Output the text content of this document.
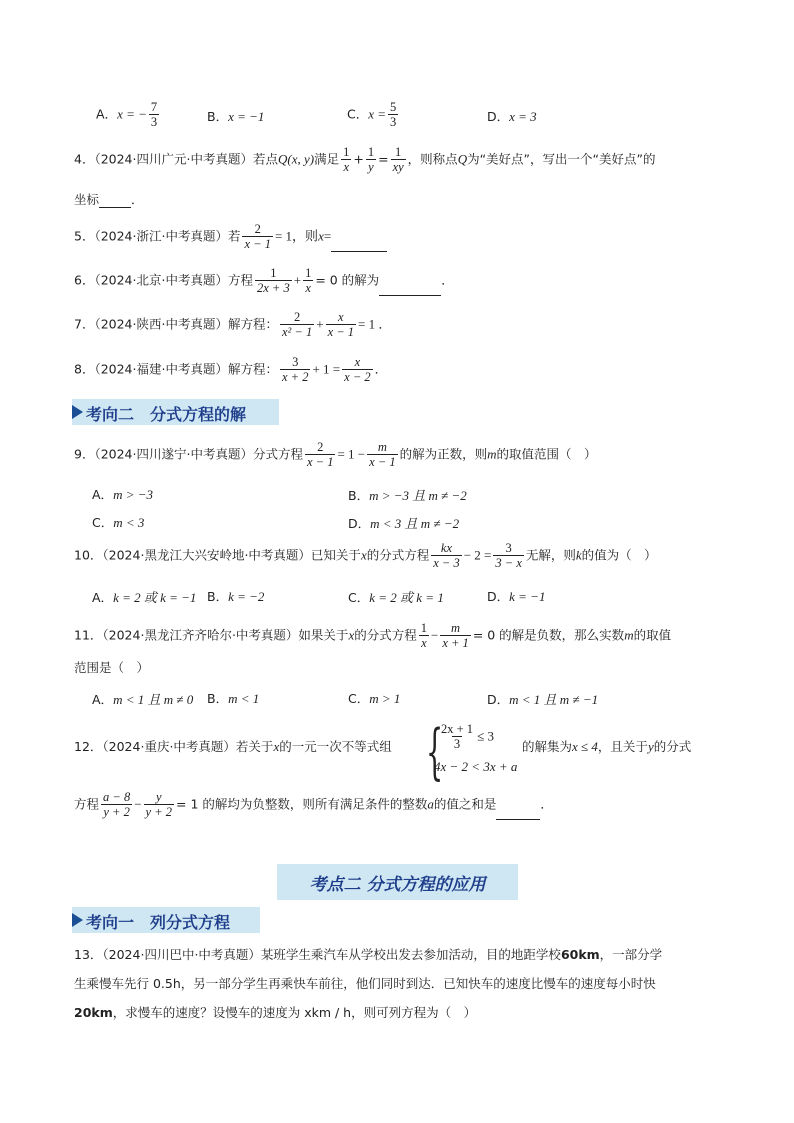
A．x = − $\frac{7}{3}$	B．x = −1	C．$x = \frac{5}{3}$	D．x = 3
4．（2024·四川广元·中考真题）若点Q(x, y)满足 $\frac{1}{x} + \frac{1}{y} = \frac{1}{xy}$ ，则称点Q为“美好点”，写出一个“美好点”的
坐标	．
5．（2024·浙江·中考真题）若 $\frac{2}{x - 1} = 1$，则x=
6．（2024·北京·中考真题）方程 $\frac{1}{2x + 3} + \frac{1}{x} = 0$ 的解为	．
7．（2024·陕西·中考真题）解方程： $\frac{2}{\text{x² − 1}} + \frac{x}{x - 1} = 1$ ．
8．（2024·福建·中考真题）解方程： $\frac{3}{x + 2} + 1 = \frac{x}{x - 2}$ ．
考向二　分式方程的解
9．（2024·四川遂宁·中考真题）分式方程 $\frac{2}{x - 1} = 1 - \frac{m}{x - 1}$ 的解为正数，则m的取值范围（　）
A．m > −3	B．m > −3 且 m ≠ −2
C．m < 3	D．m < 3 且 m ≠ −2
10．（2024·黑龙江大兴安岭地·中考真题）已知关于x的分式方程 $\frac{kx}{x - 3} - 2 = \frac{3}{3 - x}$ 无解，则k的值为（　）
A．k = 2 或 k = −1 B．k = −2	C．k = 2 或 k = 1	D．k = −1
11．（2024·黑龙江齐齐哈尔·中考真题）如果关于x的分式方程 $\frac{1}{x} - \frac{m}{x + 1} = 0$ 的解是负数，那么实数m的取值
范围是（　）
A．m < 1 且 m ≠ 0 B．m < 1	C．m > 1	D．m < 1 且 m ≠ −1
12．（2024·重庆·中考真题）若关于x的一元一次不等式组 {
$\frac{2x + 1}{3} \le 3$
4x − 2 < 3x + a
的解集为x ≤ 4，且关于y的分式
方程 $\frac{a - 8}{y + 2} - \frac{y}{y + 2} = 1$ 的解均为负整数，则所有满足条件的整数a的值之和是	．
考点二 分式方程的应用
考向一　列分式方程
13．（2024·四川巴中·中考真题）某班学生乘汽车从学校出发去参加活动，目的地距学校60km，一部分学
生乘慢车先行 0.5h，另一部分学生再乘快车前往，他们同时到达．已知快车的速度比慢车的速度每小时快
20km，求慢车的速度？设慢车的速度为 xkm / h，则可列方程为（　）
